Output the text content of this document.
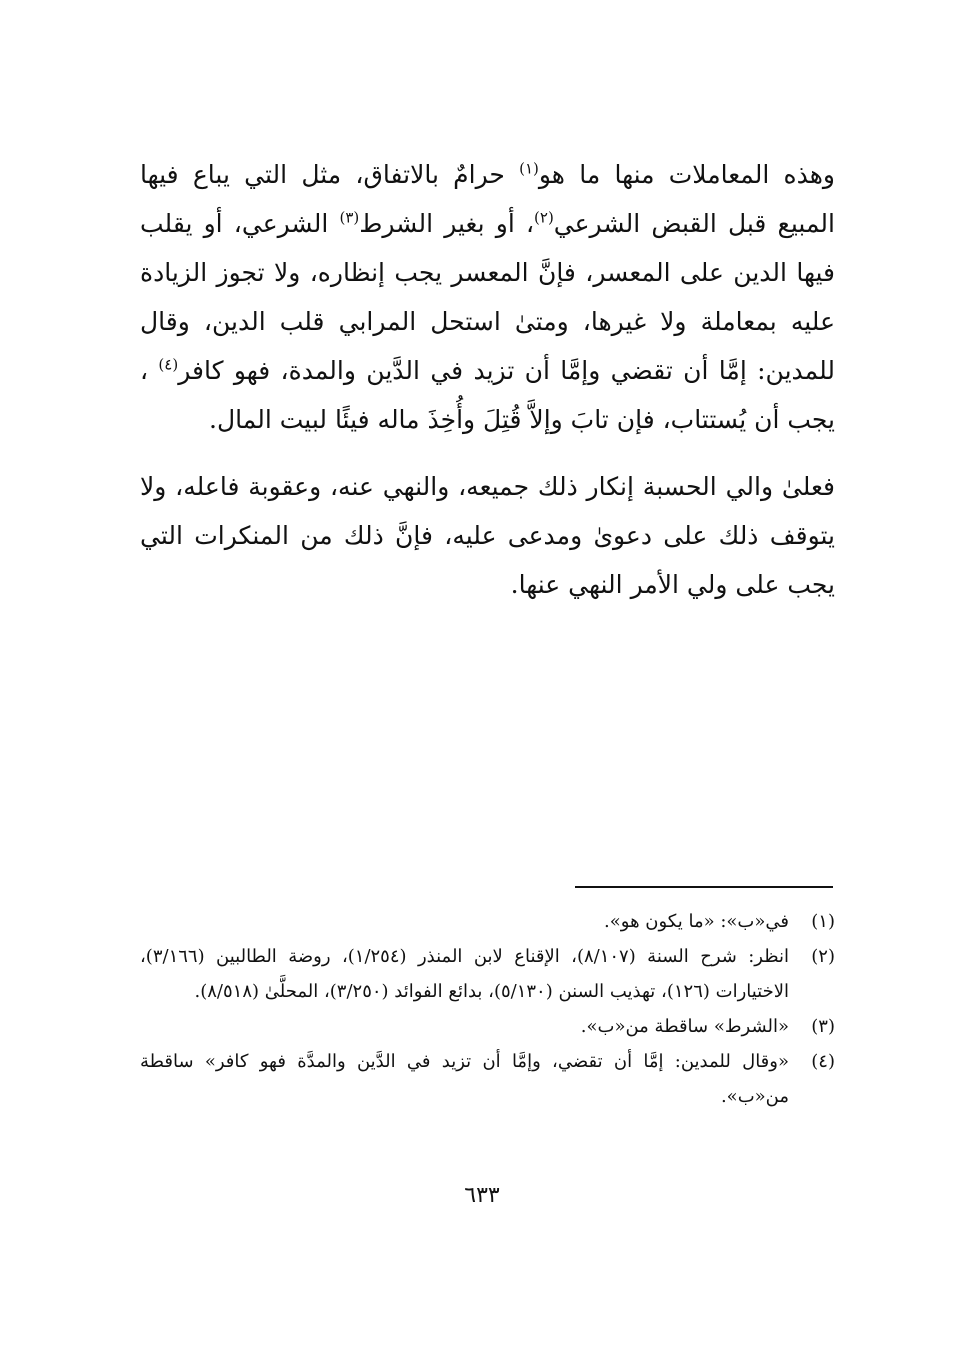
وهذه المعاملات منها ما هو$^{(١)}$ حرامٌ بالاتفاق، مثل التي يباع فيها المبيع قبل القبض الشرعي$^{(٢)}$، أو بغير الشرط$^{(٣)}$ الشرعي، أو يقلب فيها الدين على المعسر، فإنَّ المعسر يجب إنظاره، ولا تجوز الزيادة عليه بمعاملة ولا غيرها، ومتىٰ استحل المرابي قلب الدين، وقال للمدين: إمَّا أن تقضي وإمَّا أن تزيد في الدَّين والمدة، فهو كافر$^{(٤)}$ ، يجب أن يُستتاب، فإن تابَ وإلاَّ قُتِلَ وأُخِذَ ماله فيئًا لبيت المال.

فعلىٰ والي الحسبة إنكار ذلك جميعه، والنهي عنه، وعقوبة فاعله، ولا يتوقف ذلك على دعوىٰ ومدعى عليه، فإنَّ ذلك من المنكرات التي يجب على ولي الأمر النهي عنها.

(١)
في«ب»: «ما يكون هو».
(٢)
انظر: شرح السنة (٨/١٠٧)، الإقناع لابن المنذر (١/٢٥٤)، روضة الطالبين (٣/١٦٦)، الاختيارات (١٢٦)، تهذيب السنن (٥/١٣٠)، بدائع الفوائد (٣/٢٥٠)، المحلَّىٰ (٨/٥١٨).
(٣)
«الشرط» ساقطة من«ب».
(٤)
«وقال للمدين: إمَّا أن تقضي، وإمَّا أن تزيد في الدَّين والمدَّة فهو كافر» ساقطة من«ب».
٦٣٣
